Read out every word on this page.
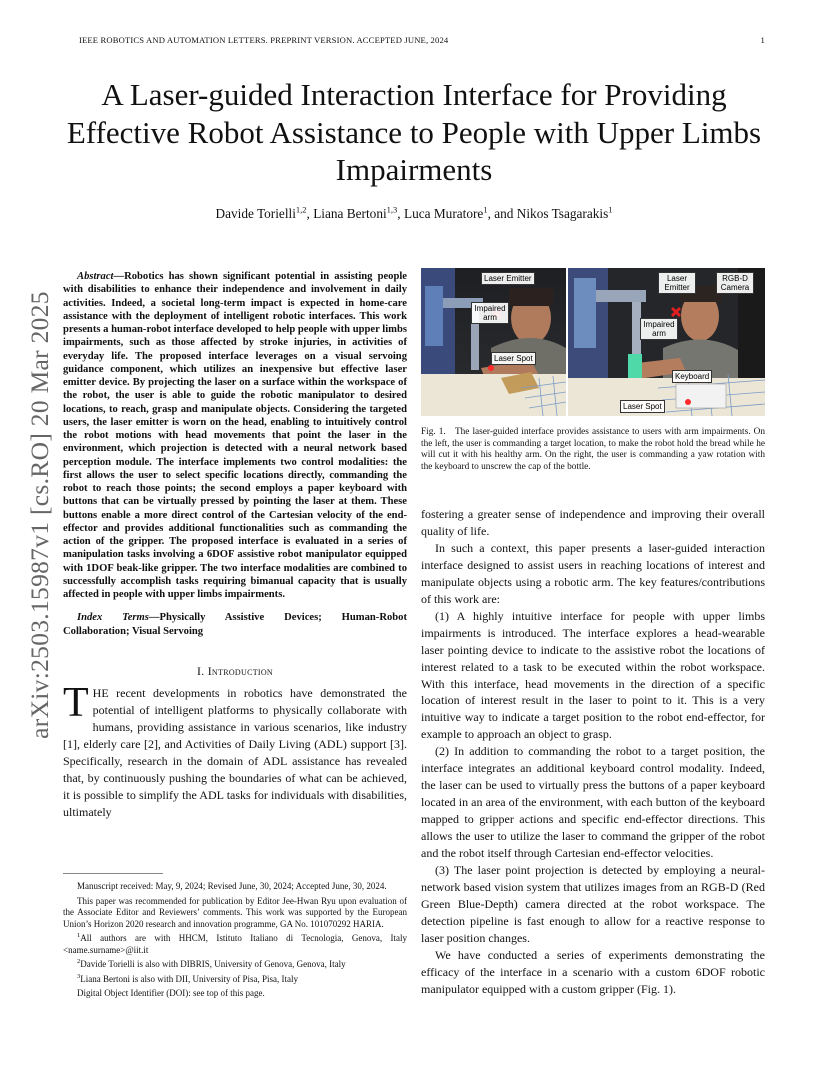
IEEE ROBOTICS AND AUTOMATION LETTERS. PREPRINT VERSION. ACCEPTED JUNE, 2024	1
A Laser-guided Interaction Interface for Providing Effective Robot Assistance to People with Upper Limbs Impairments
Davide Torielli$^{1,2}$, Liana Bertoni$^{1,3}$, Luca Muratore$^1$, and Nikos Tsagarakis$^1$
arXiv:2503.15987v1 [cs.RO] 20 Mar 2025

Abstract—Robotics has shown significant potential in assisting people with disabilities to enhance their independence and involvement in daily activities. Indeed, a societal long-term impact is expected in home-care assistance with the deployment of intelligent robotic interfaces. This work presents a human-robot interface developed to help people with upper limbs impairments, such as those affected by stroke injuries, in activities of everyday life. The proposed interface leverages on a visual servoing guidance component, which utilizes an inexpensive but effective laser emitter device. By projecting the laser on a surface within the workspace of the robot, the user is able to guide the robotic manipulator to desired locations, to reach, grasp and manipulate objects. Considering the targeted users, the laser emitter is worn on the head, enabling to intuitively control the robot motions with head movements that point the laser in the environment, which projection is detected with a neural network based perception module. The interface implements two control modalities: the first allows the user to select specific locations directly, commanding the robot to reach those points; the second employs a paper keyboard with buttons that can be virtually pressed by pointing the laser at them. These buttons enable a more direct control of the Cartesian velocity of the end-effector and provides additional functionalities such as commanding the action of the gripper. The proposed interface is evaluated in a series of manipulation tasks involving a 6DOF assistive robot manipulator equipped with 1DOF beak-like gripper. The two interface modalities are combined to successfully accomplish tasks requiring bimanual capacity that is usually affected in people with upper limbs impairments.

Index Terms—Physically Assistive Devices; Human-Robot Collaboration; Visual Servoing

I. Introduction

THE recent developments in robotics have demonstrated the potential of intelligent platforms to physically collaborate with humans, providing assistance in various scenarios, like industry [1], elderly care [2], and Activities of Daily Living (ADL) support [3]. Specifically, research in the domain of ADL assistance has revealed that, by continuously pushing the boundaries of what can be achieved, it is possible to simplify the ADL tasks for individuals with disabilities, ultimately

Manuscript received: May, 9, 2024; Revised June, 30, 2024; Accepted June, 30, 2024.

This paper was recommended for publication by Editor Jee-Hwan Ryu upon evaluation of the Associate Editor and Reviewers’ comments. This work was supported by the European Union’s Horizon 2020 research and innovation programme, GA No. 101070292 HARIA.

$^1$All authors are with HHCM, Istituto Italiano di Tecnologia, Genova, Italy <name.surname>@iit.it

$^2$Davide Torielli is also with DIBRIS, University of Genova, Genova, Italy

$^3$Liana Bertoni is also with DII, University of Pisa, Pisa, Italy

Digital Object Identifier (DOI): see top of this page.

Laser Emitter
Impaired arm
Laser Spot
Laser Emitter
RGB-D Camera
Impaired arm
Keyboard
Laser Spot
Fig. 1. The laser-guided interface provides assistance to users with arm impairments. On the left, the user is commanding a target location, to make the robot hold the bread while he will cut it with his healthy arm. On the right, the user is commanding a yaw rotation with the keyboard to unscrew the cap of the bottle.

fostering a greater sense of independence and improving their overall quality of life.

In such a context, this paper presents a laser-guided interaction interface designed to assist users in reaching locations of interest and manipulate objects using a robotic arm. The key features/contributions of this work are:

(1) A highly intuitive interface for people with upper limbs impairments is introduced. The interface explores a head-wearable laser pointing device to indicate to the assistive robot the locations of interest related to a task to be executed within the robot workspace. With this interface, head movements in the direction of a specific location of interest result in the laser to point to it. This is a very intuitive way to indicate a target position to the robot end-effector, for example to approach an object to grasp.

(2) In addition to commanding the robot to a target position, the interface integrates an additional keyboard control modality. Indeed, the laser can be used to virtually press the buttons of a paper keyboard located in an area of the environment, with each button of the keyboard mapped to gripper actions and specific end-effector directions. This allows the user to utilize the laser to command the gripper of the robot and the robot itself through Cartesian end-effector velocities.

(3) The laser point projection is detected by employing a neural-network based vision system that utilizes images from an RGB-D (Red Green Blue-Depth) camera directed at the robot workspace. The detection pipeline is fast enough to allow for a reactive response to laser position changes.

We have conducted a series of experiments demonstrating the efficacy of the interface in a scenario with a custom 6DOF robotic manipulator equipped with a custom gripper (Fig. 1).
